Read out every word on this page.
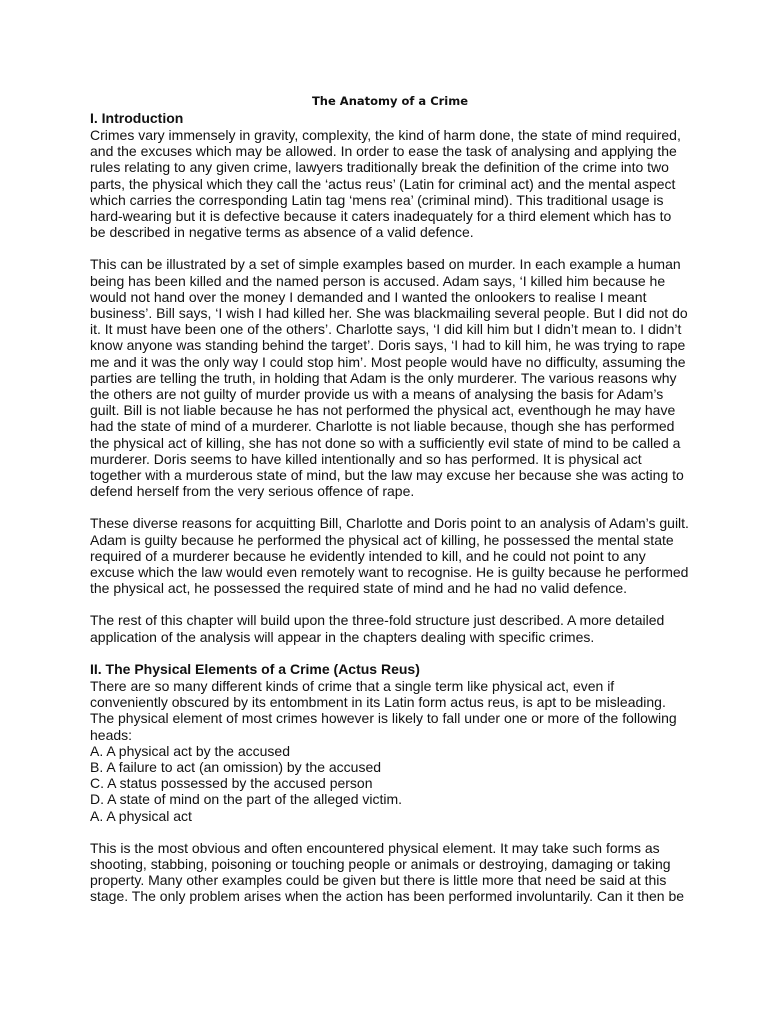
The Anatomy of a Crime
I. Introduction

Crimes vary immensely in gravity, complexity, the kind of harm done, the state of mind required, and the excuses which may be allowed. In order to ease the task of analysing and applying the rules relating to any given crime, lawyers traditionally break the definition of the crime into two parts, the physical which they call the ‘actus reus’ (Latin for criminal act) and the mental aspect which carries the corresponding Latin tag ‘mens rea’ (criminal mind). This traditional usage is hard-wearing but it is defective because it caters inadequately for a third element which has to be described in negative terms as absence of a valid defence.

This can be illustrated by a set of simple examples based on murder. In each example a human being has been killed and the named person is accused. Adam says, ‘I killed him because he would not hand over the money I demanded and I wanted the onlookers to realise I meant business’. Bill says, ‘I wish I had killed her. She was blackmailing several people. But I did not do it. It must have been one of the others’. Charlotte says, ‘I did kill him but I didn’t mean to. I didn’t know anyone was standing behind the target’. Doris says, ‘I had to kill him, he was trying to rape me and it was the only way I could stop him’. Most people would have no difficulty, assuming the parties are telling the truth, in holding that Adam is the only murderer. The various reasons why the others are not guilty of murder provide us with a means of analysing the basis for Adam’s guilt. Bill is not liable because he has not performed the physical act, eventhough he may have had the state of mind of a murderer. Charlotte is not liable because, though she has performed the physical act of killing, she has not done so with a sufficiently evil state of mind to be called a murderer. Doris seems to have killed intentionally and so has performed. It is physical act together with a murderous state of mind, but the law may excuse her because she was acting to defend herself from the very serious offence of rape.

These diverse reasons for acquitting Bill, Charlotte and Doris point to an analysis of Adam’s guilt. Adam is guilty because he performed the physical act of killing, he possessed the mental state required of a murderer because he evidently intended to kill, and he could not point to any excuse which the law would even remotely want to recognise. He is guilty because he performed the physical act, he possessed the required state of mind and he had no valid defence.

The rest of this chapter will build upon the three-fold structure just described. A more detailed application of the analysis will appear in the chapters dealing with specific crimes.

II. The Physical Elements of a Crime (Actus Reus)

There are so many different kinds of crime that a single term like physical act, even if conveniently obscured by its entombment in its Latin form actus reus, is apt to be misleading. The physical element of most crimes however is likely to fall under one or more of the following heads:

A. A physical act by the accused
B. A failure to act (an omission) by the accused
C. A status possessed by the accused person
D. A state of mind on the part of the alleged victim.
A. A physical act

This is the most obvious and often encountered physical element. It may take such forms as shooting, stabbing, poisoning or touching people or animals or destroying, damaging or taking property. Many other examples could be given but there is little more that need be said at this stage. The only problem arises when the action has been performed involuntarily. Can it then be
